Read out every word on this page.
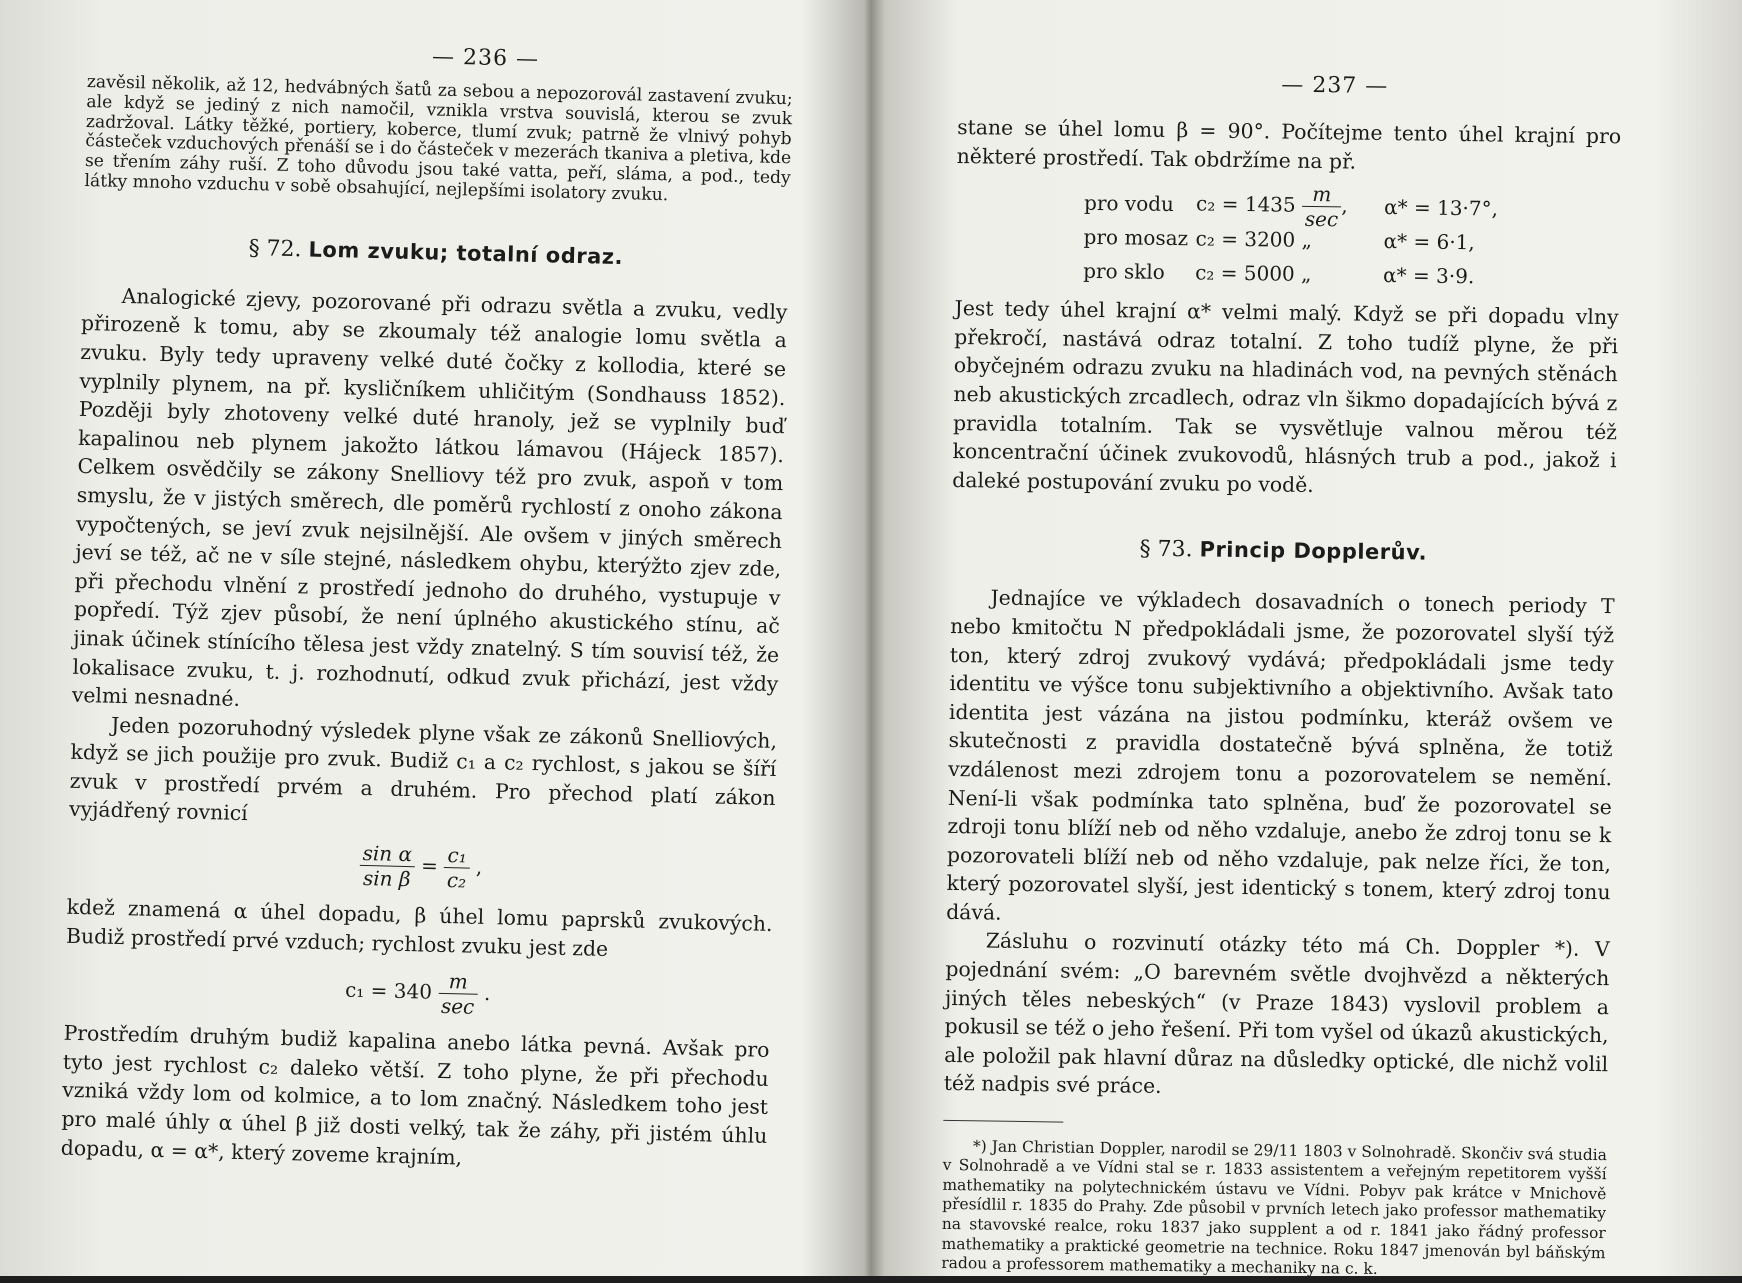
— 236 —

zavěsil několik, až 12, hedvábných šatů za sebou a nepozorovál zastavení zvuku; ale když se jediný z nich namočil, vznikla vrstva souvislá, kterou se zvuk zadržoval. Látky těžké, portiery, koberce, tlumí zvuk; patrně že vlnivý pohyb částeček vzduchových přenáší se i do částeček v mezerách tkaniva a pletiva, kde se třením záhy ruší. Z toho důvodu jsou také vatta, peří, sláma, a pod., tedy látky mnoho vzduchu v sobě obsahující, nejlepšími isolatory zvuku.

§ 72. Lom zvuku; totalní odraz.

Analogické zjevy, pozorované při odrazu světla a zvuku, vedly přirozeně k tomu, aby se zkoumaly též analogie lomu světla a zvuku. Byly tedy upraveny velké duté čočky z kollodia, které se vyplnily plynem, na př. kysličníkem uhličitým (Sondhauss 1852). Později byly zhotoveny velké duté hranoly, jež se vyplnily buď kapalinou neb plynem jakožto látkou lámavou (Hájeck 1857). Celkem osvědčily se zákony Snelliovy též pro zvuk, aspoň v tom smyslu, že v jistých směrech, dle poměrů rychlostí z onoho zákona vypočtených, se jeví zvuk nejsilnější. Ale ovšem v jiných směrech jeví se též, ač ne v síle stejné, následkem ohybu, kterýžto zjev zde, při přechodu vlnění z prostředí jednoho do druhého, vystupuje v popředí. Týž zjev působí, že není úplného akustického stínu, ač jinak účinek stínícího tělesa jest vždy znatelný. S tím souvisí též, že lokalisace zvuku, t. j. rozhodnutí, odkud zvuk přichází, jest vždy velmi nesnadné.

Jeden pozoruhodný výsledek plyne však ze zákonů Snelliových, když se jich použije pro zvuk. Budiž c₁ a c₂ rychlost, s jakou se šíří zvuk v prostředí prvém a druhém. Pro přechod platí zákon vyjádřený rovnicí

$\frac{\text{sin α}}{\text{sin β}} = \frac{\text{c₁}}{\text{c₂}}$ ,

kdež znamená α úhel dopadu, β úhel lomu paprsků zvukových. Budiž prostředí prvé vzduch; rychlost zvuku jest zde

$c_1 = 340 \frac{m}{\sec}$ .

Prostředím druhým budiž kapalina anebo látka pevná. Avšak pro tyto jest rychlost c₂ daleko větší. Z toho plyne, že při přechodu vzniká vždy lom od kolmice, a to lom značný. Následkem toho jest pro malé úhly α úhel β již dosti velký, tak že záhy, při jistém úhlu dopadu, α = α*, který zoveme krajním,

— 237 —

stane se úhel lomu β = 90°. Počítejme tento úhel krajní pro některé prostředí. Tak obdržíme na př.

pro vodu	$c_2 = 1435 \frac{m}{\sec}$ ,	α* = 13·7°,
pro mosaz c₂ = 3200 „	α* = 6·1,
pro sklo	c₂ = 5000 „	α* = 3·9.

Jest tedy úhel krajní α* velmi malý. Když se při dopadu vlny překročí, nastává odraz totalní. Z toho tudíž plyne, že při obyčejném odrazu zvuku na hladinách vod, na pevných stěnách neb akustických zrcadlech, odraz vln šikmo dopadajících bývá z pravidla totalním. Tak se vysvětluje valnou měrou též koncentrační účinek zvukovodů, hlásných trub a pod., jakož i daleké postupování zvuku po vodě.

§ 73. Princip Dopplerův.

Jednajíce ve výkladech dosavadních o tonech periody T nebo kmitočtu N předpokládali jsme, že pozorovatel slyší týž ton, který zdroj zvukový vydává; předpokládali jsme tedy identitu ve výšce tonu subjektivního a objektivního. Avšak tato identita jest vázána na jistou podmínku, kteráž ovšem ve skutečnosti z pravidla dostatečně bývá splněna, že totiž vzdálenost mezi zdrojem tonu a pozorovatelem se nemění. Není-li však podmínka tato splněna, buď že pozorovatel se zdroji tonu blíží neb od něho vzdaluje, anebo že zdroj tonu se k pozorovateli blíží neb od něho vzdaluje, pak nelze říci, že ton, který pozorovatel slyší, jest identický s tonem, který zdroj tonu dává.

Zásluhu o rozvinutí otázky této má Ch. Doppler *). V pojednání svém: „O barevném světle dvojhvězd a některých jiných těles nebeských“ (v Praze 1843) vyslovil problem a pokusil se též o jeho řešení. Při tom vyšel od úkazů akustických, ale položil pak hlavní důraz na důsledky optické, dle nichž volil též nadpis své práce.

*) Jan Christian Doppler, narodil se 29/11 1803 v Solnohradě. Skončiv svá studia v Solnohradě a ve Vídni stal se r. 1833 assistentem a veřejným repetitorem vyšší mathematiky na polytechnickém ústavu ve Vídni. Pobyv pak krátce v Mnichově přesídlil r. 1835 do Prahy. Zde působil v prvních letech jako professor mathematiky na stavovské realce, roku 1837 jako supplent a od r. 1841 jako řádný professor mathematiky a praktické geometrie na technice. Roku 1847 jmenován byl báňským radou a professorem mathematiky a mechaniky na c. k.
